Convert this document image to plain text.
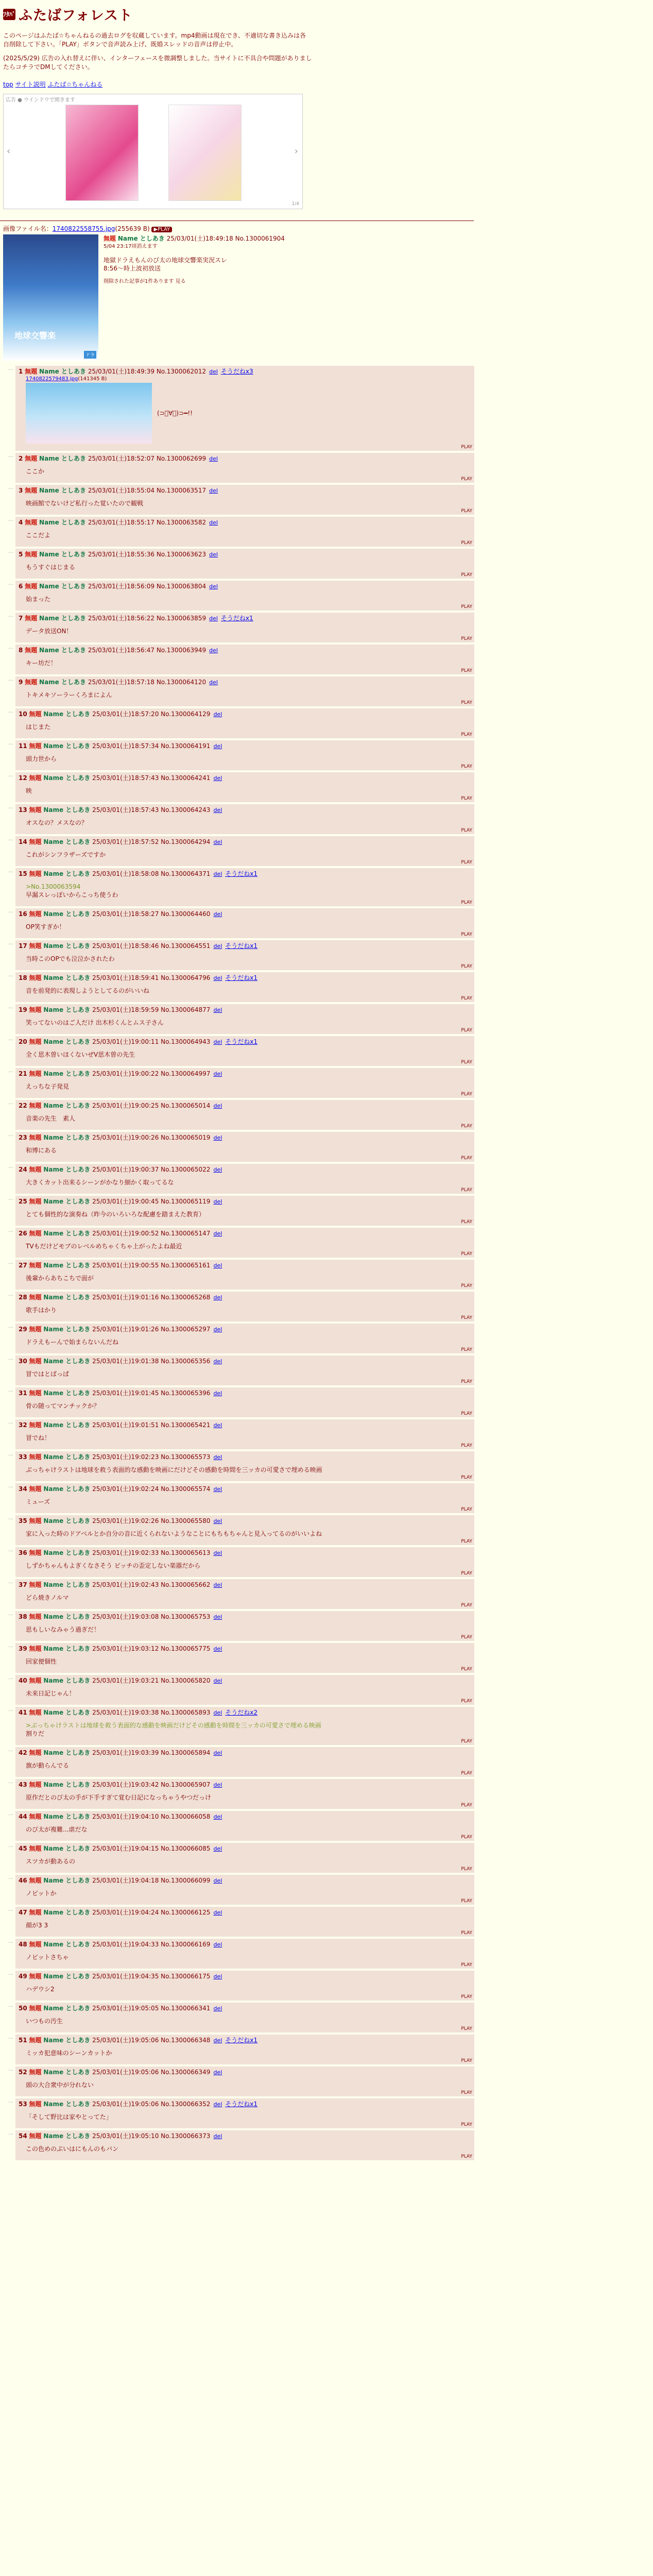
ﾌﾀﾊﾞ ふたばフォレスト

このページはふたば☆ちゃんねるの過去ログを収蔵しています。mp4動画は現在でき、不適切な書き込みは各自削除して下さい。「PLAY」ボタンで音声読み上げ、既婚スレッドの音声は停止中。

(2025/5/29) 広告の入れ替えに伴い、インターフェースを微調整しました。当サイトに不具合や問題がありましたらコチラでDMしてください。

top サイト説明 ふたば☆ちゃんねる
広告 ● ウインドウで開きます
‹	›
1/4
画像ファイル名：1740822558755.jpg(255639 B) ▶PLAY
地球交響楽
ドラ
無題 Name としあき 25/03/01(土)18:49:18 No.1300061904
5/04 23:17頃消えます
地獄ドラえもんのび太の地球交響楽実況スレ
8:56～時上波初放送
削除された記事が1件あります 見る
… 1 無題 Name としあき 25/03/01(土)18:49:39 No.1300062012 del そうだねx3
1740822579483.jpg(141345 B)
(⊃ﾟ∀ﾟ)⊃━!!
PLAY
… 2 無題 Name としあき 25/03/01(土)18:52:07 No.1300062699 del
ここか
PLAY
… 3 無題 Name としあき 25/03/01(土)18:55:04 No.1300063517 del
映画館でないけど私行った覚いたので観戦
PLAY
… 4 無題 Name としあき 25/03/01(土)18:55:17 No.1300063582 del
ここだよ
PLAY
… 5 無題 Name としあき 25/03/01(土)18:55:36 No.1300063623 del
もうすぐはじまる
PLAY
… 6 無題 Name としあき 25/03/01(土)18:56:09 No.1300063804 del
始まった
PLAY
… 7 無題 Name としあき 25/03/01(土)18:56:22 No.1300063859 del そうだねx1
データ放送ON！
PLAY
… 8 無題 Name としあき 25/03/01(土)18:56:47 No.1300063949 del
キー坊だ！
PLAY
… 9 無題 Name としあき 25/03/01(土)18:57:18 No.1300064120 del
トキメキソーラーくろまによん
PLAY
… 10 無題 Name としあき 25/03/01(土)18:57:20 No.1300064129 del
はじまた
PLAY
… 11 無題 Name としあき 25/03/01(土)18:57:34 No.1300064191 del
頭力世から
PLAY
… 12 無題 Name としあき 25/03/01(土)18:57:43 No.1300064241 del
映
PLAY
… 13 無題 Name としあき 25/03/01(土)18:57:43 No.1300064243 del
オスなの？メスなの？
PLAY
… 14 無題 Name としあき 25/03/01(土)18:57:52 No.1300064294 del
これがシンフラザーズですか
PLAY
… 15 無題 Name としあき 25/03/01(土)18:58:08 No.1300064371 del そうだねx1
>No.1300063594
早漏スレっぽいからこっち使うわ
PLAY
… 16 無題 Name としあき 25/03/01(土)18:58:27 No.1300064460 del
OP笑すぎか！
PLAY
… 17 無題 Name としあき 25/03/01(土)18:58:46 No.1300064551 del そうだねx1
当時このOPでも泣泣かされたわ
PLAY
… 18 無題 Name としあき 25/03/01(土)18:59:41 No.1300064796 del そうだねx1
音を前発的に表現しようとしてるのがいいね
PLAY
… 19 無題 Name としあき 25/03/01(土)18:59:59 No.1300064877 del
笑ってないのはご人だけ 出木杉くんとムス子さん
PLAY
… 20 無題 Name としあき 25/03/01(土)19:00:11 No.1300064943 del そうだねx1
全く思木曽いほくないぜV思木曽の先生
PLAY
… 21 無題 Name としあき 25/03/01(土)19:00:22 No.1300064997 del
えっちな子発見
PLAY
… 22 無題 Name としあき 25/03/01(土)19:00:25 No.1300065014 del
音楽の先生　素人
PLAY
… 23 無題 Name としあき 25/03/01(土)19:00:26 No.1300065019 del
和博にある
PLAY
… 24 無題 Name としあき 25/03/01(土)19:00:37 No.1300065022 del
大きくカット出来るシーンがかなり細かく取ってるな
PLAY
… 25 無題 Name としあき 25/03/01(土)19:00:45 No.1300065119 del
とても個性的な演奏ね（昨今のいろいろな配慮を踏まえた教育）
PLAY
… 26 無題 Name としあき 25/03/01(土)19:00:52 No.1300065147 del
TVもだけどモブのレベルめちゃくちゃ上がったよね最近
PLAY
… 27 無題 Name としあき 25/03/01(土)19:00:55 No.1300065161 del
後輩からあちこちで面が
PLAY
… 28 無題 Name としあき 25/03/01(土)19:01:16 No.1300065268 del
歌手はかり
PLAY
… 29 無題 Name としあき 25/03/01(土)19:01:26 No.1300065297 del
ドラえもーんで始まらないんだね
PLAY
… 30 無題 Name としあき 25/03/01(土)19:01:38 No.1300065356 del
冒ではとばっぱ
PLAY
… 31 無題 Name としあき 25/03/01(土)19:01:45 No.1300065396 del
骨の随ってマンチックか？
PLAY
… 32 無題 Name としあき 25/03/01(土)19:01:51 No.1300065421 del
冒でね！
PLAY
… 33 無題 Name としあき 25/03/01(土)19:02:23 No.1300065573 del
ぶっちゃけラストは地球を救う表面的な感動を映画にだけどその感動を時間を三ッカの可愛さで埋める映画
PLAY
… 34 無題 Name としあき 25/03/01(土)19:02:24 No.1300065574 del
ミューズ
PLAY
… 35 無題 Name としあき 25/03/01(土)19:02:26 No.1300065580 del
家に入った時のドアベルとか自分の音に近くられないようなことにもちもちゃんと見入ってるのがいいよね
PLAY
… 36 無題 Name としあき 25/03/01(土)19:02:33 No.1300065613 del
しずかちゃんもよぎくなさそう ピッチの歪定しない楽器だから
PLAY
… 37 無題 Name としあき 25/03/01(土)19:02:43 No.1300065662 del
どら焼きノルマ
PLAY
… 38 無題 Name としあき 25/03/01(土)19:03:08 No.1300065753 del
思もしいなみゃう過ぎだ！
PLAY
… 39 無題 Name としあき 25/03/01(土)19:03:12 No.1300065775 del
回家便個性
PLAY
… 40 無題 Name としあき 25/03/01(土)19:03:21 No.1300065820 del
未来日記じゃん！
PLAY
… 41 無題 Name としあき 25/03/01(土)19:03:38 No.1300065893 del そうだねx2
>ぶっちゃけラストは地球を救う表面的な感動を映画だけどその感動を時間を三ッカの可愛さで埋める映画
割りだ
PLAY
… 42 無題 Name としあき 25/03/01(土)19:03:39 No.1300065894 del
旗が動らんでる
PLAY
… 43 無題 Name としあき 25/03/01(土)19:03:42 No.1300065907 del
原作だとのび太の手が下手すぎて覚む日記になっちゃうやつだっけ
PLAY
… 44 無題 Name としあき 25/03/01(土)19:04:10 No.1300066058 del
のび太が複難...虐だな
PLAY
… 45 無題 Name としあき 25/03/01(土)19:04:15 No.1300066085 del
スツカが動あるの
PLAY
… 46 無題 Name としあき 25/03/01(土)19:04:18 No.1300066099 del
ノビットか
PLAY
… 47 無題 Name としあき 25/03/01(土)19:04:24 No.1300066125 del
顔が3 3
PLAY
… 48 無題 Name としあき 25/03/01(土)19:04:33 No.1300066169 del
ノビットさちゃ
PLAY
… 49 無題 Name としあき 25/03/01(土)19:04:35 No.1300066175 del
ハデウシ2
PLAY
… 50 無題 Name としあき 25/03/01(土)19:05:05 No.1300066341 del
いつもの汚生
PLAY
… 51 無題 Name としあき 25/03/01(土)19:05:06 No.1300066348 del そうだねx1
ミッカ犯意味のシーンカットか
PLAY
… 52 無題 Name としあき 25/03/01(土)19:05:06 No.1300066349 del
頭の大合衆中が分れない
PLAY
… 53 無題 Name としあき 25/03/01(土)19:05:06 No.1300066352 del そうだねx1
「そして野比は家やとってた」
PLAY
… 54 無題 Name としあき 25/03/01(土)19:05:10 No.1300066373 del
この色めのぷいはにもんのもバン
PLAY
